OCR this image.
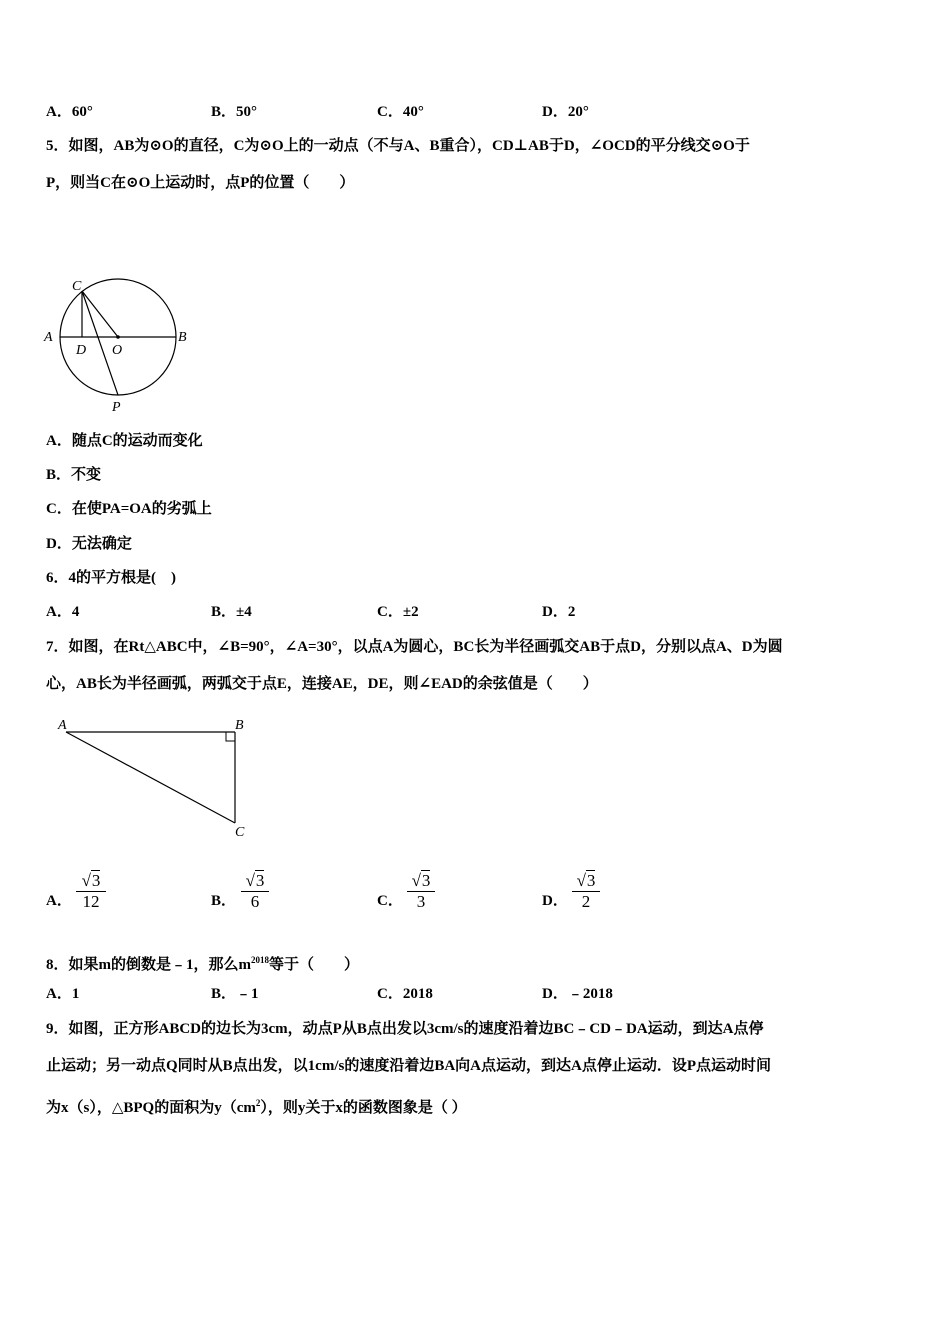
A．60°	B．50°	C．40°	D．20°
5．如图，AB为⊙O的直径，C为⊙O上的一动点（不与A、B重合），CD⊥AB于D，∠OCD的平分线交⊙O于
P，则当C在⊙O上运动时，点P的位置（　　）
C
A	B
D O
P
A．随点C的运动而变化
B．不变
C．在使PA=OA的劣弧上
D．无法确定
6．4的平方根是(　)
A．4	B．±4	C．±2	D．2
7．如图，在Rt△ABC中，∠B=90°，∠A=30°，以点A为圆心，BC长为半径画弧交AB于点D，分别以点A、D为圆
心，AB长为半径画弧，两弧交于点E，连接AE，DE，则∠EAD的余弦值是（　　）
A	B
C
A． $\frac{√3}{12}$	B． $\frac{√3}{6}$	C． $\frac{√3}{3}$	D． $\frac{√3}{2}$
8．如果m的倒数是﹣1，那么$m^{2018}$等于（　　）
A．1	B．﹣1	C．2018	D．﹣2018
9．如图，正方形ABCD的边长为3cm，动点P从B点出发以3cm/s的速度沿着边BC﹣CD﹣DA运动，到达A点停
止运动；另一动点Q同时从B点出发，以1cm/s的速度沿着边BA向A点运动，到达A点停止运动．设P点运动时间
为x（s），△BPQ的面积为$y(cm^2)$，则y关于x的函数图象是（ ）
